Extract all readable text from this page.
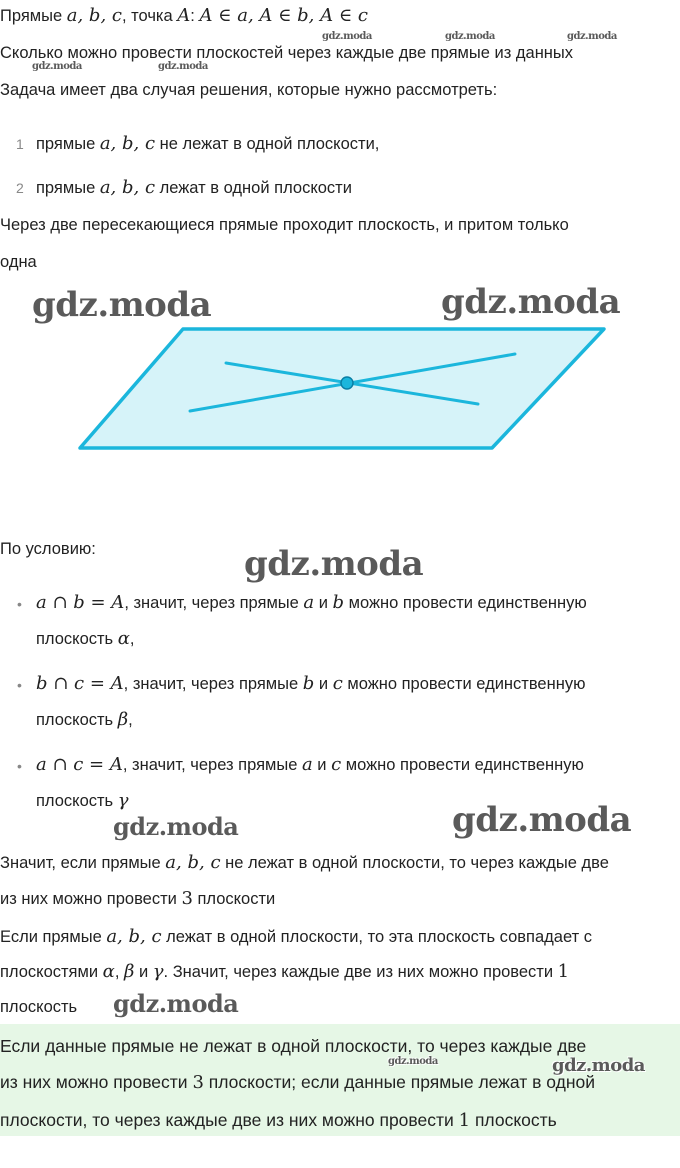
Прямые a, b, c, точка A: A ∈ a, A ∈ b, A ∈ c
Сколько можно провести плоскостей через каждые две прямые из данных
Задача имеет два случая решения, которые нужно рассмотреть:
1 прямые a, b, c не лежат в одной плоскости,
2 прямые a, b, c лежат в одной плоскости
Через две пересекающиеся прямые проходит плоскость, и притом только
одна
По условию:
• a ∩ b = A, значит, через прямые a и b можно провести единственную
плоскость α,
• b ∩ c = A, значит, через прямые b и c можно провести единственную
плоскость β,
• a ∩ c = A, значит, через прямые a и c можно провести единственную
плоскость γ
Значит, если прямые a, b, c не лежат в одной плоскости, то через каждые две
из них можно провести 3 плоскости
Если прямые a, b, c лежат в одной плоскости, то эта плоскость совпадает с
плоскостями α, β и γ. Значит, через каждые две из них можно провести 1
плоскость
Если данные прямые не лежат в одной плоскости, то через каждые две
из них можно провести 3 плоскости; если данные прямые лежат в одной
плоскости, то через каждые две из них можно провести 1 плоскость
gdz.moda	gdz.moda	gdz.moda
gdz.moda	gdz.moda
gdz.moda	gdz.moda
gdz.moda
gdz.moda	gdz.moda
gdz.moda
gdz.moda	gdz.moda
